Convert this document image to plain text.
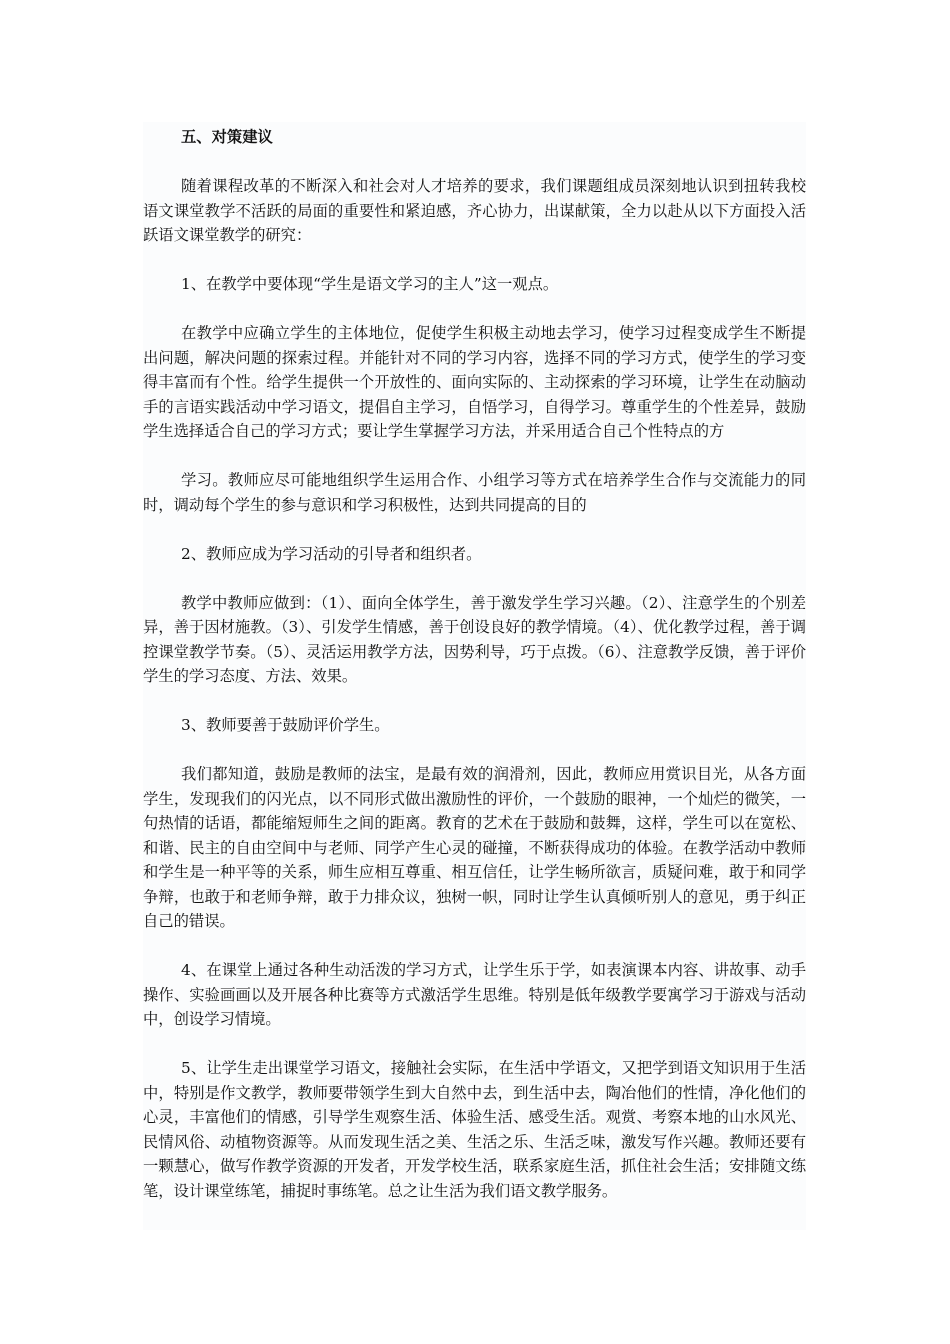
五、对策建议

随着课程改革的不断深入和社会对人才培养的要求，我们课题组成员深刻地认识到扭转我校语文课堂教学不活跃的局面的重要性和紧迫感，齐心协力，出谋献策，全力以赴从以下方面投入活跃语文课堂教学的研究：

1、在教学中要体现“学生是语文学习的主人”这一观点。

在教学中应确立学生的主体地位，促使学生积极主动地去学习，使学习过程变成学生不断提出问题，解决问题的探索过程。并能针对不同的学习内容，选择不同的学习方式，使学生的学习变得丰富而有个性。给学生提供一个开放性的、面向实际的、主动探索的学习环境，让学生在动脑动手的言语实践活动中学习语文，提倡自主学习，自悟学习，自得学习。尊重学生的个性差异，鼓励学生选择适合自己的学习方式；要让学生掌握学习方法，并采用适合自己个性特点的方

学习。教师应尽可能地组织学生运用合作、小组学习等方式在培养学生合作与交流能力的同时，调动每个学生的参与意识和学习积极性，达到共同提高的目的

2、教师应成为学习活动的引导者和组织者。

教学中教师应做到：（1）、面向全体学生，善于激发学生学习兴趣。（2）、注意学生的个别差异，善于因材施教。（3）、引发学生情感，善于创设良好的教学情境。（4）、优化教学过程，善于调控课堂教学节奏。（5）、灵活运用教学方法，因势利导，巧于点拨。（6）、注意教学反馈，善于评价学生的学习态度、方法、效果。

3、教师要善于鼓励评价学生。

我们都知道，鼓励是教师的法宝，是最有效的润滑剂，因此，教师应用赏识目光，从各方面学生，发现我们的闪光点，以不同形式做出激励性的评价，一个鼓励的眼神，一个灿烂的微笑，一句热情的话语，都能缩短师生之间的距离。教育的艺术在于鼓励和鼓舞，这样，学生可以在宽松、和谐、民主的自由空间中与老师、同学产生心灵的碰撞，不断获得成功的体验。在教学活动中教师和学生是一种平等的关系，师生应相互尊重、相互信任，让学生畅所欲言，质疑问难，敢于和同学争辩，也敢于和老师争辩，敢于力排众议，独树一帜，同时让学生认真倾听别人的意见，勇于纠正自己的错误。

4、在课堂上通过各种生动活泼的学习方式，让学生乐于学，如表演课本内容、讲故事、动手操作、实验画画以及开展各种比赛等方式激活学生思维。特别是低年级教学要寓学习于游戏与活动中，创设学习情境。

5、让学生走出课堂学习语文，接触社会实际，在生活中学语文，又把学到语文知识用于生活中，特别是作文教学，教师要带领学生到大自然中去，到生活中去，陶冶他们的性情，净化他们的心灵，丰富他们的情感，引导学生观察生活、体验生活、感受生活。观赏、考察本地的山水风光、民情风俗、动植物资源等。从而发现生活之美、生活之乐、生活乏味，激发写作兴趣。教师还要有一颗慧心，做写作教学资源的开发者，开发学校生活，联系家庭生活，抓住社会生活；安排随文练笔，设计课堂练笔，捕捉时事练笔。总之让生活为我们语文教学服务。
